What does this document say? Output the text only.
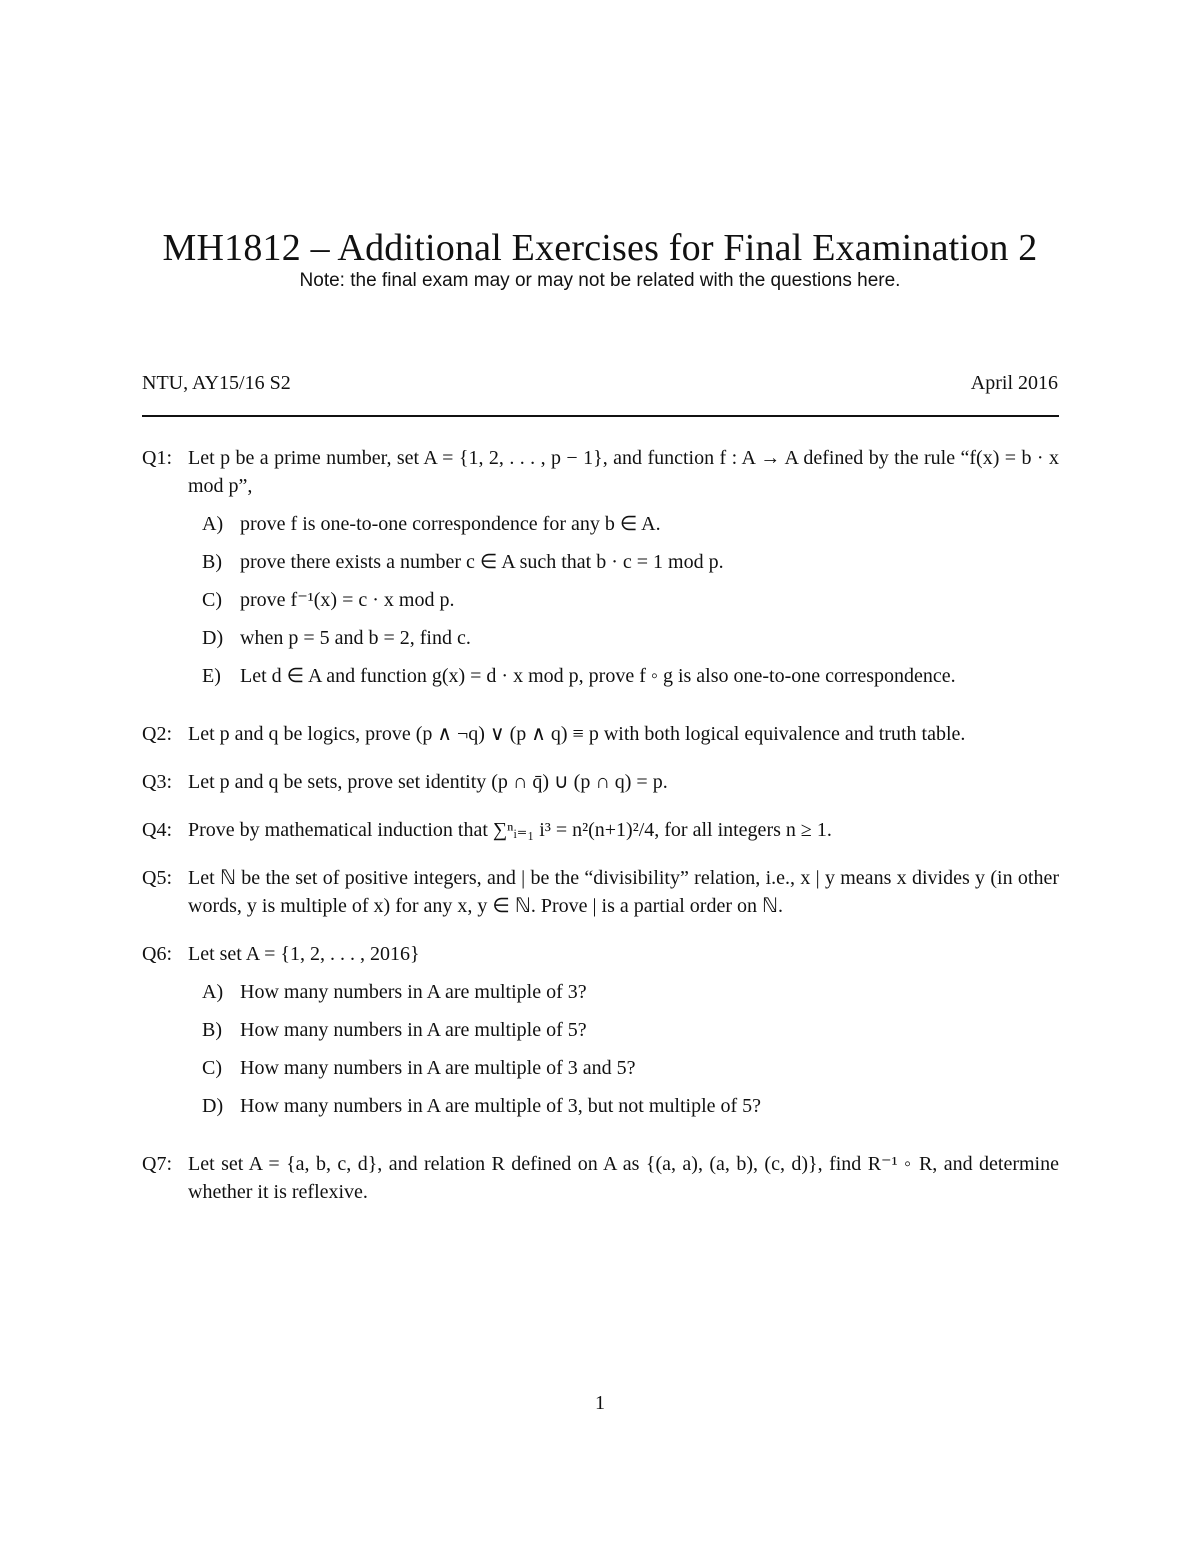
MH1812 – Additional Exercises for Final Examination 2
Note: the final exam may or may not be related with the questions here.
NTU, AY15/16 S2	April 2016
Q1: Let p be a prime number, set A = {1, 2, . . . , p − 1}, and function f : A → A defined by the rule “f(x) = b · x mod p”,
A) prove f is one-to-one correspondence for any b ∈ A.
B) prove there exists a number c ∈ A such that b · c = 1 mod p.
C) prove f⁻¹(x) = c · x mod p.
D) when p = 5 and b = 2, find c.
E) Let d ∈ A and function g(x) = d · x mod p, prove f ◦ g is also one-to-one correspondence.
Q2: Let p and q be logics, prove (p ∧ ¬q) ∨ (p ∧ q) ≡ p with both logical equivalence and truth table.
Q3: Let p and q be sets, prove set identity (p ∩ q̄) ∪ (p ∩ q) = p.
Q4: Prove by mathematical induction that ∑ⁿᵢ₌₁ i³ = n²(n+1)²/4, for all integers n ≥ 1.
Q5: Let ℕ be the set of positive integers, and | be the “divisibility” relation, i.e., x | y means x divides y (in other words, y is multiple of x) for any x, y ∈ ℕ. Prove | is a partial order on ℕ.
Q6: Let set A = {1, 2, . . . , 2016}
A) How many numbers in A are multiple of 3?
B) How many numbers in A are multiple of 5?
C) How many numbers in A are multiple of 3 and 5?
D) How many numbers in A are multiple of 3, but not multiple of 5?
Q7: Let set A = {a, b, c, d}, and relation R defined on A as {(a, a), (a, b), (c, d)}, find R⁻¹ ◦ R, and determine whether it is reflexive.
1
